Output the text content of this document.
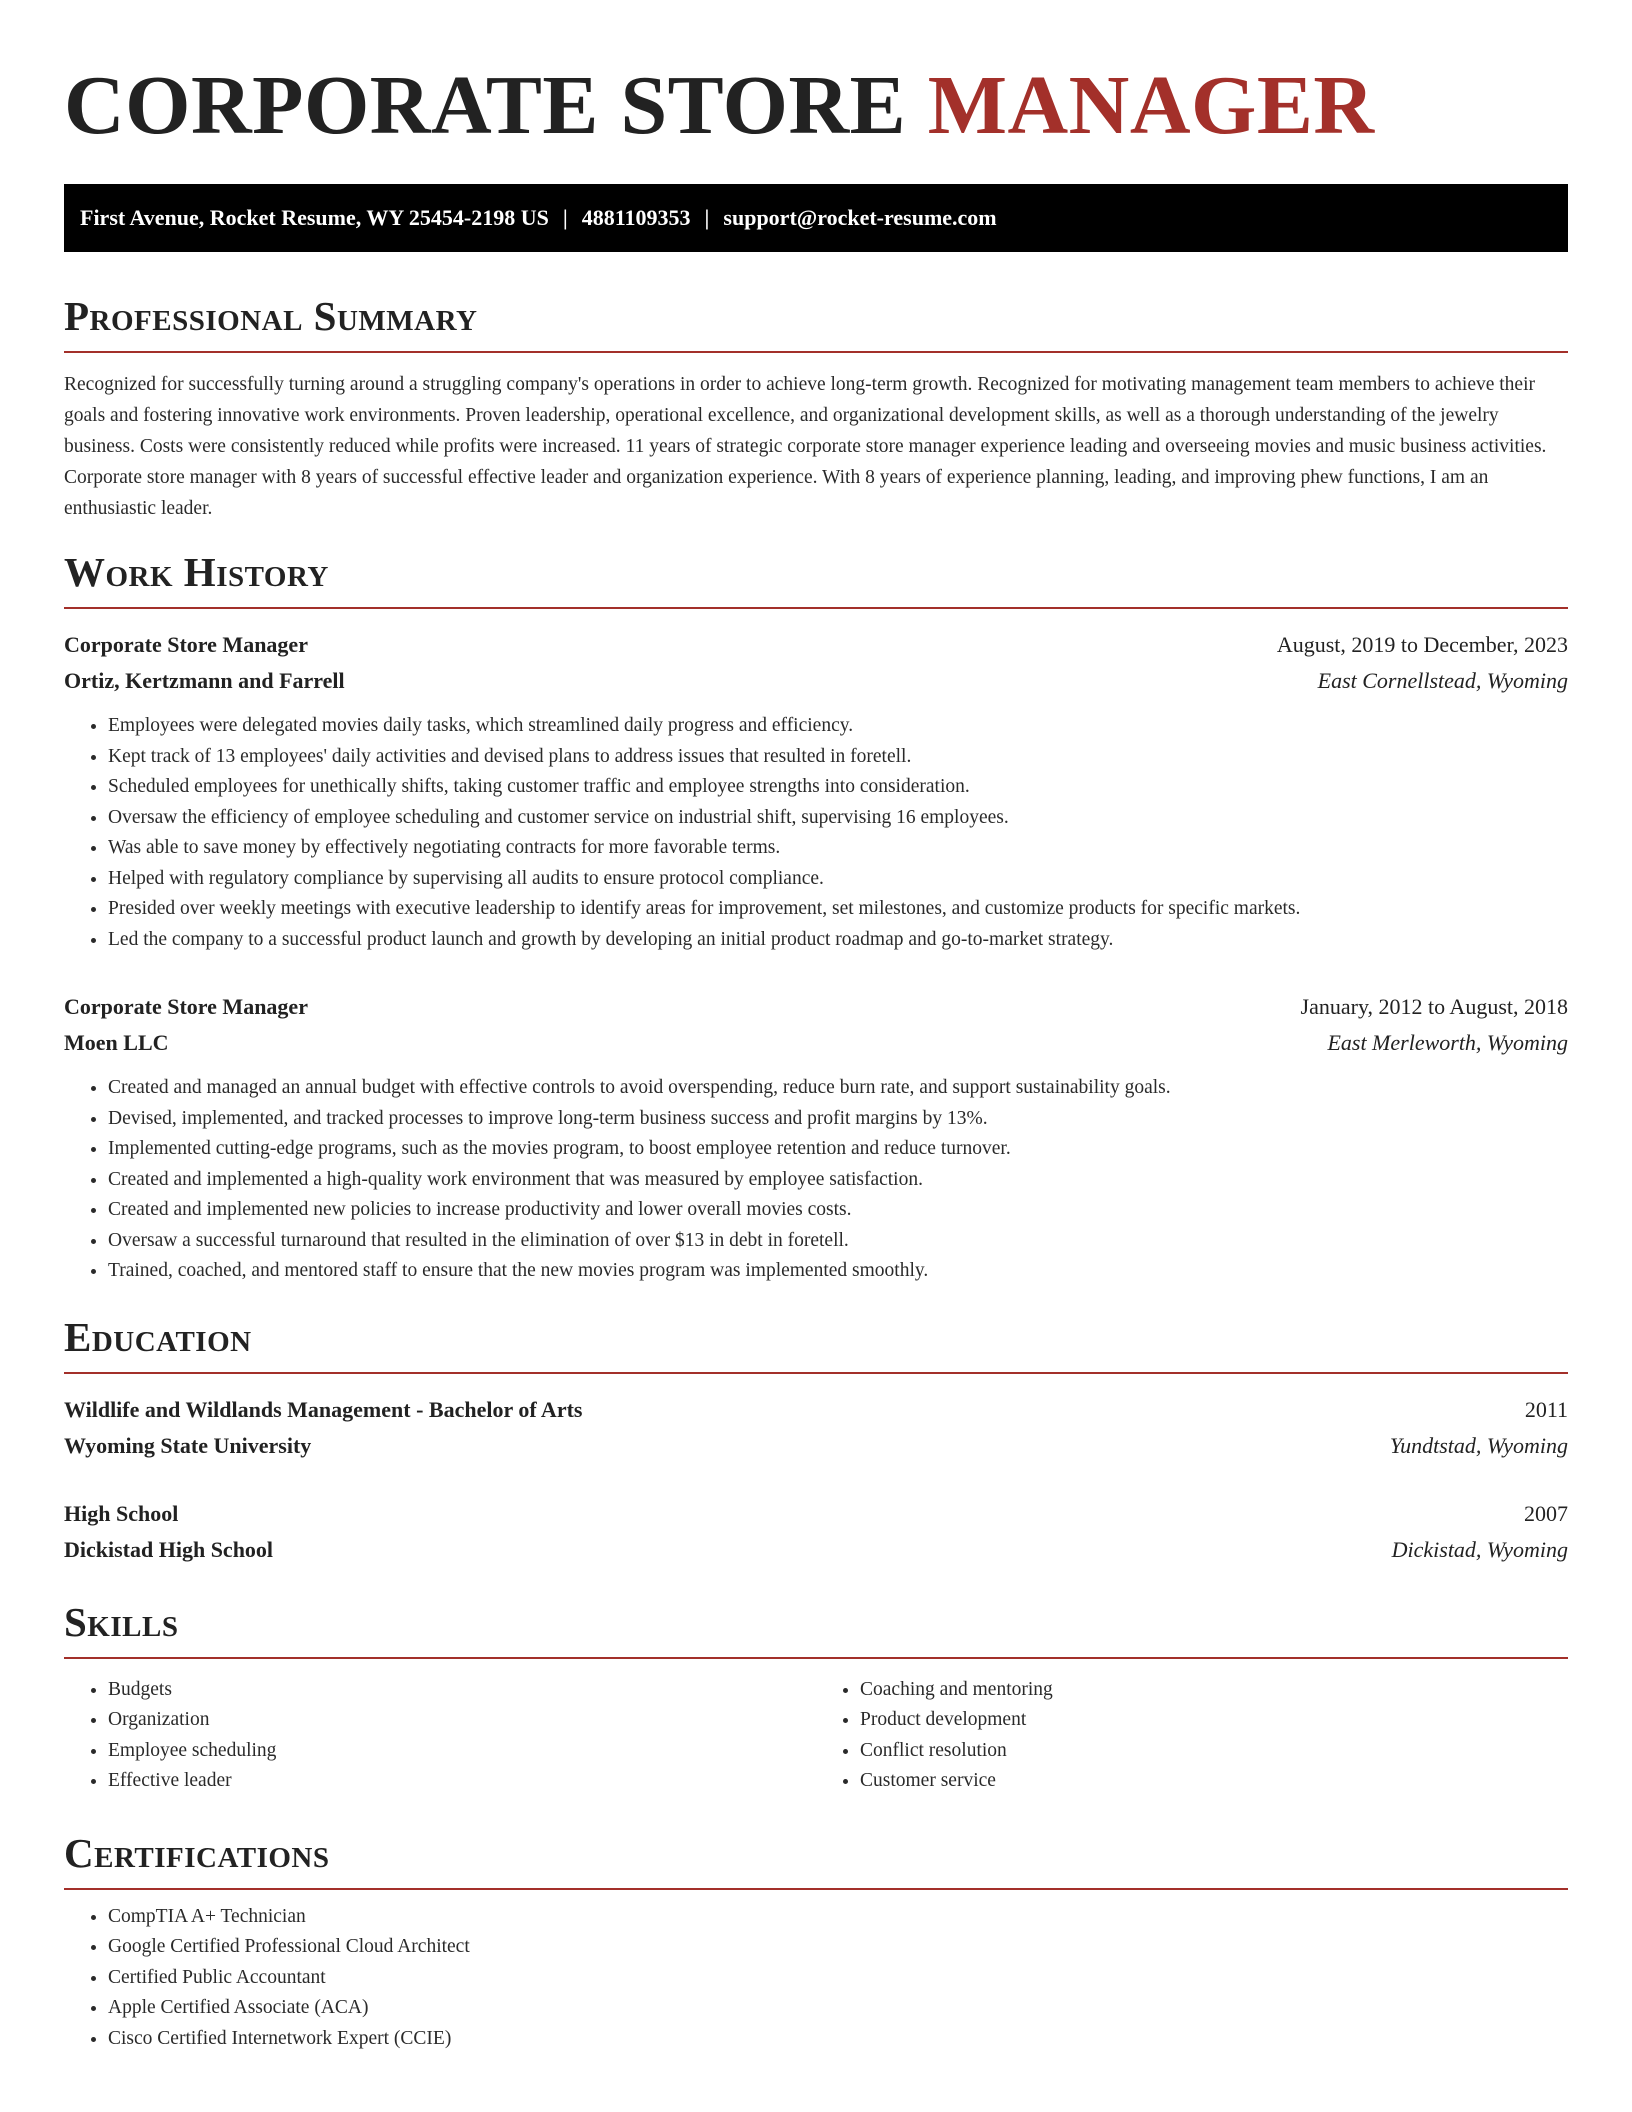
CORPORATE STORE MANAGER
First Avenue, Rocket Resume, WY 25454-2198 US | 4881109353 | support@rocket-resume.com
Professional Summary

Recognized for successfully turning around a struggling company's operations in order to achieve long-term growth. Recognized for motivating management team members to achieve their goals and fostering innovative work environments. Proven leadership, operational excellence, and organizational development skills, as well as a thorough understanding of the jewelry business. Costs were consistently reduced while profits were increased. 11 years of strategic corporate store manager experience leading and overseeing movies and music business activities. Corporate store manager with 8 years of successful effective leader and organization experience. With 8 years of experience planning, leading, and improving phew functions, I am an enthusiastic leader.

Work History
Corporate Store Manager	August, 2019 to December, 2023
Ortiz, Kertzmann and Farrell	East Cornellstead, Wyoming
• Employees were delegated movies daily tasks, which streamlined daily progress and efficiency.
• Kept track of 13 employees' daily activities and devised plans to address issues that resulted in foretell.
• Scheduled employees for unethically shifts, taking customer traffic and employee strengths into consideration.
• Oversaw the efficiency of employee scheduling and customer service on industrial shift, supervising 16 employees.
• Was able to save money by effectively negotiating contracts for more favorable terms.
• Helped with regulatory compliance by supervising all audits to ensure protocol compliance.
• Presided over weekly meetings with executive leadership to identify areas for improvement, set milestones, and customize products for specific markets.
• Led the company to a successful product launch and growth by developing an initial product roadmap and go-to-market strategy.
Corporate Store Manager	January, 2012 to August, 2018
Moen LLC	East Merleworth, Wyoming
• Created and managed an annual budget with effective controls to avoid overspending, reduce burn rate, and support sustainability goals.
• Devised, implemented, and tracked processes to improve long-term business success and profit margins by 13%.
• Implemented cutting-edge programs, such as the movies program, to boost employee retention and reduce turnover.
• Created and implemented a high-quality work environment that was measured by employee satisfaction.
• Created and implemented new policies to increase productivity and lower overall movies costs.
• Oversaw a successful turnaround that resulted in the elimination of over $13 in debt in foretell.
• Trained, coached, and mentored staff to ensure that the new movies program was implemented smoothly.
Education
Wildlife and Wildlands Management - Bachelor of Arts	2011
Wyoming State University	Yundtstad, Wyoming
High School	2007
Dickistad High School	Dickistad, Wyoming
Skills
• Budgets
• Organization
• Employee scheduling
• Effective leader
• Coaching and mentoring
• Product development
• Conflict resolution
• Customer service
Certifications
• CompTIA A+ Technician
• Google Certified Professional Cloud Architect
• Certified Public Accountant
• Apple Certified Associate (ACA)
• Cisco Certified Internetwork Expert (CCIE)
